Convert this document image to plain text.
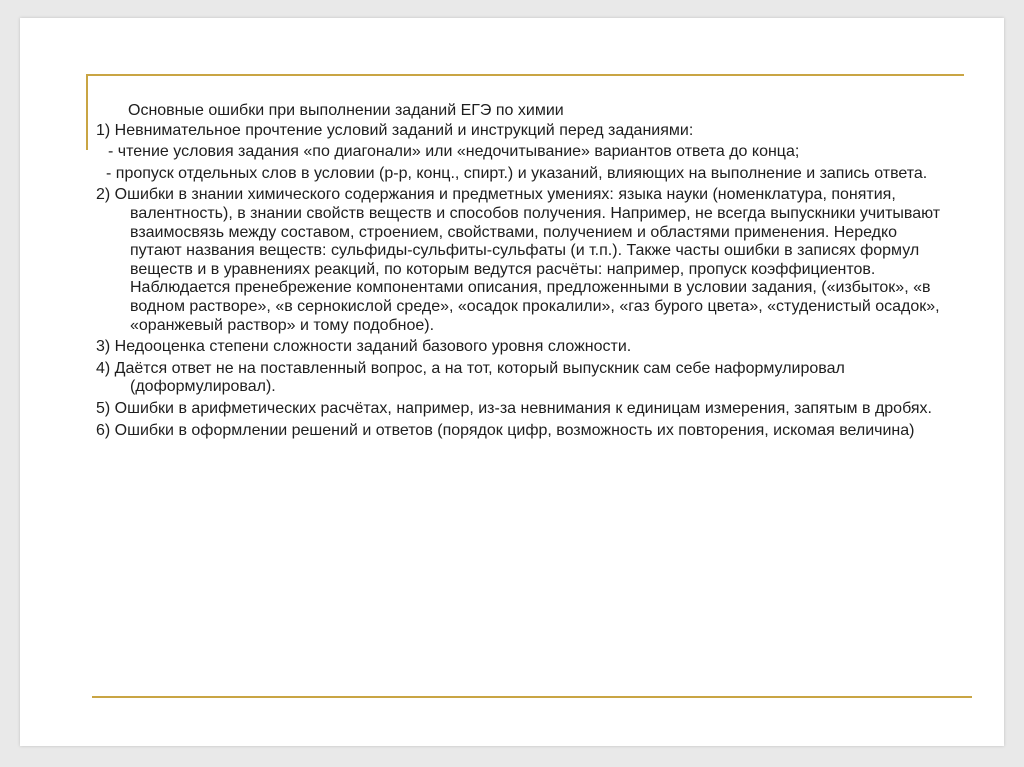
Основные ошибки при выполнении заданий ЕГЭ по химии

1) Невнимательное прочтение условий заданий и инструкций перед заданиями:

- чтение условия задания «по диагонали» или «недочитывание» вариантов ответа до конца;

- пропуск отдельных слов в условии (р-р, конц., спирт.) и указаний, влияющих на выполнение и запись ответа.

2) Ошибки в знании химического содержания и предметных умениях: языка науки (номенклатура, понятия, валентность), в знании свойств веществ и способов получения. Например, не всегда выпускники учитывают взаимосвязь между составом, строением, свойствами, получением и областями применения. Нередко путают названия веществ: сульфиды-сульфиты-сульфаты (и т.п.). Также часты ошибки в записях формул веществ и в уравнениях реакций, по которым ведутся расчёты: например, пропуск коэффициентов. Наблюдается пренебрежение компонентами описания, предложенными в условии задания, («избыток», «в водном растворе», «в сернокислой среде», «осадок прокалили», «газ бурого цвета», «студенистый осадок», «оранжевый раствор» и тому подобное).

3) Недооценка степени сложности заданий базового уровня сложности.

4) Даётся ответ не на поставленный вопрос, а на тот, который выпускник сам себе наформулировал (доформулировал).

5) Ошибки в арифметических расчётах, например, из-за невнимания к единицам измерения, запятым в дробях.

6) Ошибки в оформлении решений и ответов (порядок цифр, возможность их повторения, искомая величина)
